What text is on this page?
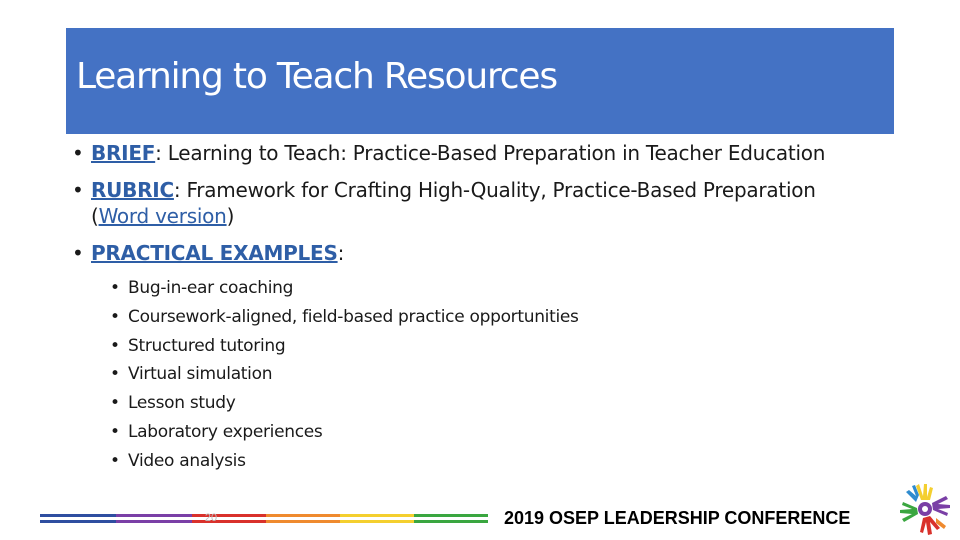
Learning to Teach Resources
• BRIEF: Learning to Teach: Practice-Based Preparation in Teacher Education
• RUBRIC: Framework for Crafting High-Quality, Practice-Based Preparation
(Word version)
• PRACTICAL EXAMPLES:
• Bug-in-ear coaching
• Coursework-aligned, field-based practice opportunities
• Structured tutoring
• Virtual simulation
• Lesson study
• Laboratory experiences
• Video analysis
20	2019 OSEP LEADERSHIP CONFERENCE
